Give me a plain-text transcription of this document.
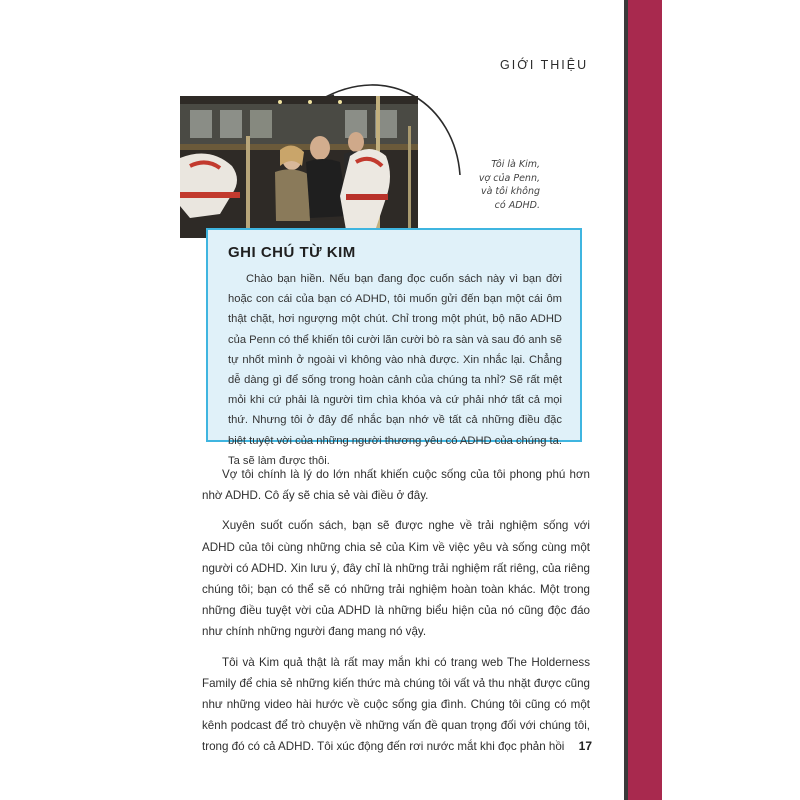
GIỚI THIỆU
Tôi là Kim,
vợ của Penn,
và tôi không
có ADHD.
GHI CHÚ TỪ KIM

Chào bạn hiền. Nếu bạn đang đọc cuốn sách này vì bạn đời hoặc con cái của bạn có ADHD, tôi muốn gửi đến bạn một cái ôm thật chặt, hơi ngượng một chút. Chỉ trong một phút, bộ não ADHD của Penn có thể khiến tôi cười lăn cười bò ra sàn và sau đó anh sẽ tự nhốt mình ở ngoài vì không vào nhà được. Xin nhắc lại. Chẳng dễ dàng gì để sống trong hoàn cảnh của chúng ta nhỉ? Sẽ rất mệt mỏi khi cứ phải là người tìm chìa khóa và cứ phải nhớ tất cả mọi thứ. Nhưng tôi ở đây để nhắc bạn nhớ về tất cả những điều đặc biệt tuyệt vời của những người thương yêu có ADHD của chúng ta. Ta sẽ làm được thôi.

Vợ tôi chính là lý do lớn nhất khiến cuộc sống của tôi phong phú hơn nhờ ADHD. Cô ấy sẽ chia sẻ vài điều ở đây.

Xuyên suốt cuốn sách, bạn sẽ được nghe về trải nghiệm sống với ADHD của tôi cùng những chia sẻ của Kim về việc yêu và sống cùng một người có ADHD. Xin lưu ý, đây chỉ là những trải nghiệm rất riêng, của riêng chúng tôi; bạn có thể sẽ có những trải nghiệm hoàn toàn khác. Một trong những điều tuyệt vời của ADHD là những biểu hiện của nó cũng độc đáo như chính những người đang mang nó vậy.

Tôi và Kim quả thật là rất may mắn khi có trang web The Holderness Family để chia sẻ những kiến thức mà chúng tôi vất vả thu nhặt được cũng như những video hài hước về cuộc sống gia đình. Chúng tôi cũng có một kênh podcast để trò chuyện về những vấn đề quan trọng đối với chúng tôi, trong đó có cả ADHD. Tôi xúc động đến rơi nước mắt khi đọc phản hồi	17
